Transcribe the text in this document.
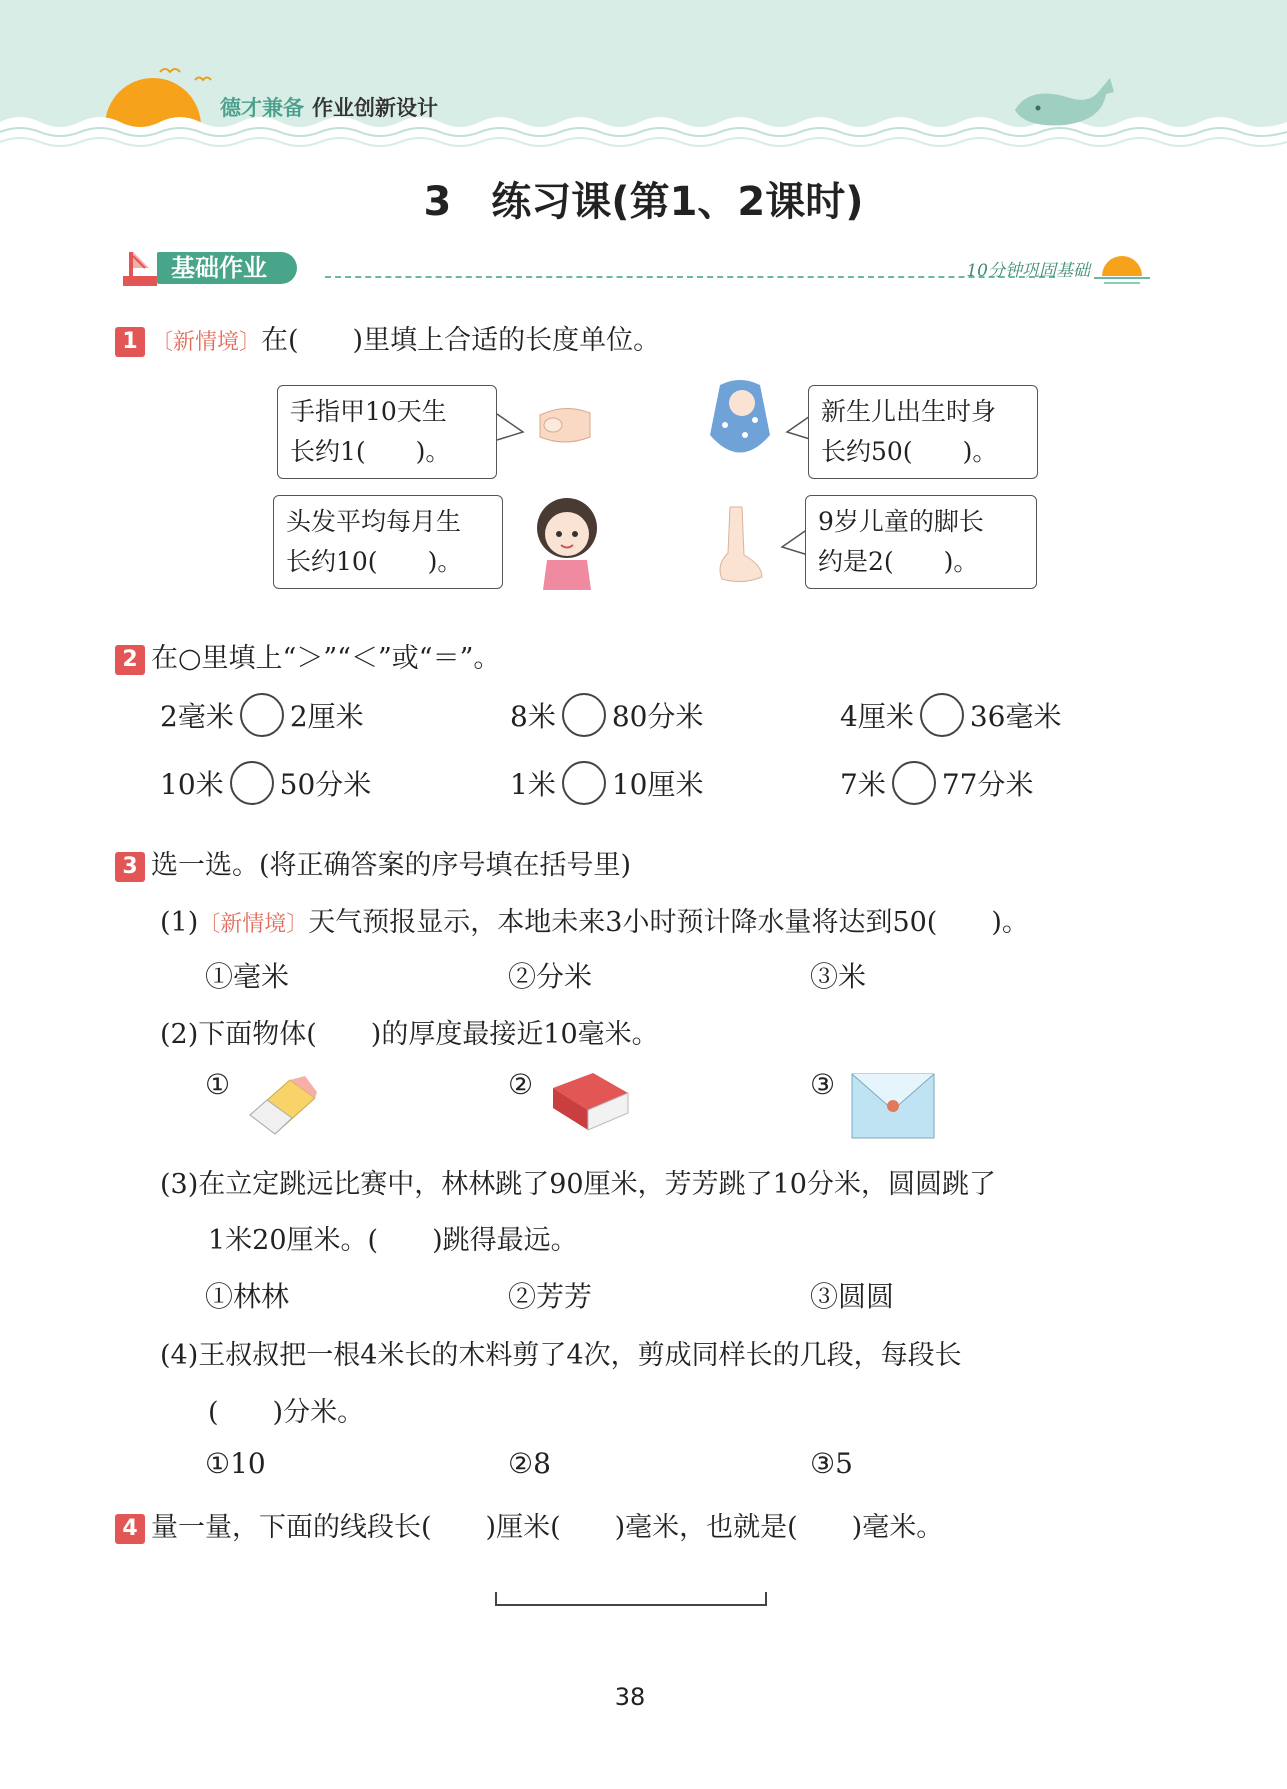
德才兼备 作业创新设计
3　练习课(第1、2课时)
基础作业	10分钟巩固基础
1 〔新情境〕在(　　)里填上合适的长度单位。
手指甲10天生
长约1(　　)。
新生儿出生时身
长约50(　　)。
头发平均每月生
长约10(　　)。
9岁儿童的脚长
约是2(　　)。
2 在○里填上“＞”“＜”或“＝”。
2毫米 2厘米	8米 80分米	4厘米 36毫米
10米 50分米	1米 10厘米	7米 77分米
3 选一选。(将正确答案的序号填在括号里)
(1)〔新情境〕天气预报显示，本地未来3小时预计降水量将达到50(　　)。
①毫米	②分米	③米
(2)下面物体(　　)的厚度最接近10毫米。
①	②	③
(3)在立定跳远比赛中，林林跳了90厘米，芳芳跳了10分米，圆圆跳了
1米20厘米。(　　)跳得最远。
①林林	②芳芳	③圆圆
(4)王叔叔把一根4米长的木料剪了4次，剪成同样长的几段，每段长
(　　)分米。
①10	②8	③5
4 量一量，下面的线段长(　　)厘米(　　)毫米，也就是(　　)毫米。
38
